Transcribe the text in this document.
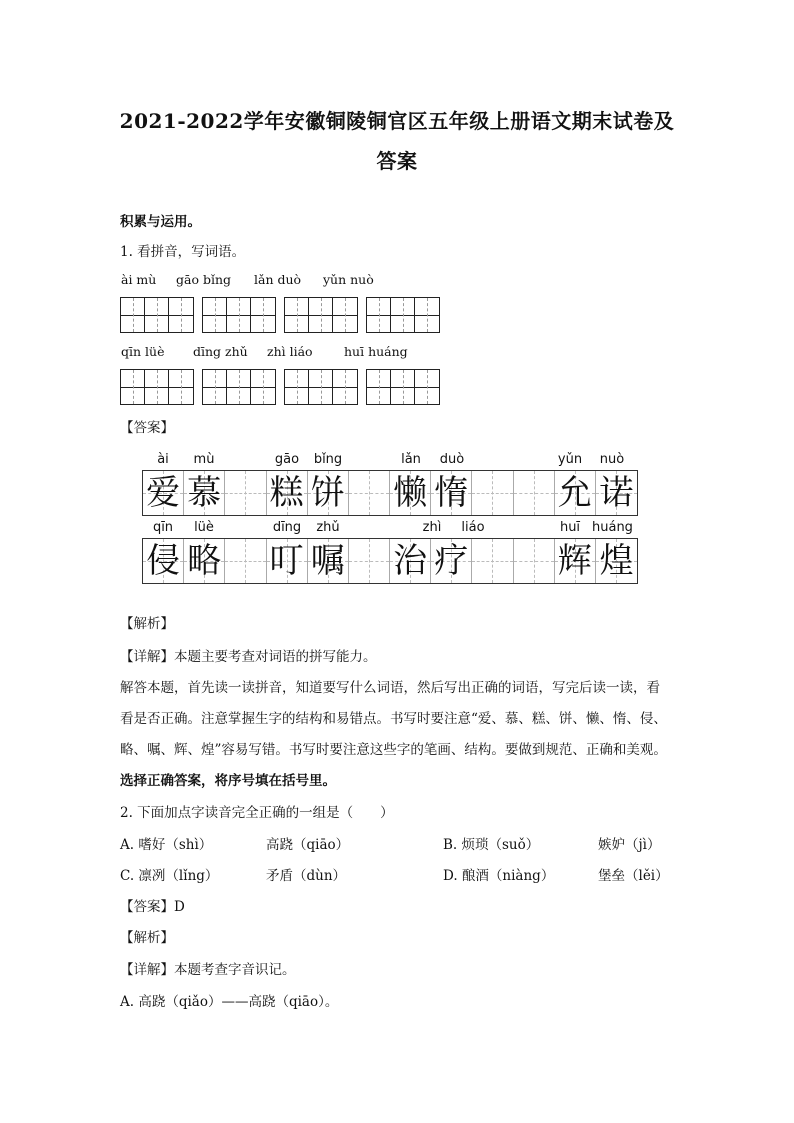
2021-2022学年安徽铜陵铜官区五年级上册语文期末试卷及
答案
积累与运用。
1. 看拼音，写词语。
ài mù gāo bǐng lǎn duò yǔn nuò
qīn lüè dīng zhǔ zhì liáo	huī huáng
【答案】
ài	mù	gāo	bǐng	lǎn	duò	yǔn	nuò
爱 慕 糕 饼 懒 惰	允 诺
qīn	lüè	dīng	zhǔ	zhì	liáo	huī huáng
侵 略 叮 嘱 治 疗	辉 煌
【解析】
【详解】本题主要考查对词语的拼写能力。
解答本题，首先读一读拼音，知道要写什么词语，然后写出正确的词语，写完后读一读，看
看是否正确。注意掌握生字的结构和易错点。书写时要注意“爱、慕、糕、饼、懒、惰、侵、
略、嘱、辉、煌”容易写错。书写时要注意这些字的笔画、结构。要做到规范、正确和美观。
选择正确答案，将序号填在括号里。
2. 下面加点字读音完全正确的一组是（　　）
A. 嗜好（shì）	高跷（qiāo）	B. 烦琐（suǒ）	嫉妒（jì）
C. 凛冽（lǐng）	矛盾（dùn）	D. 酿酒（niàng）	堡垒（lěi）
【答案】D
【解析】
【详解】本题考查字音识记。
A. 高跷（qiǎo）——高跷（qiāo）。
